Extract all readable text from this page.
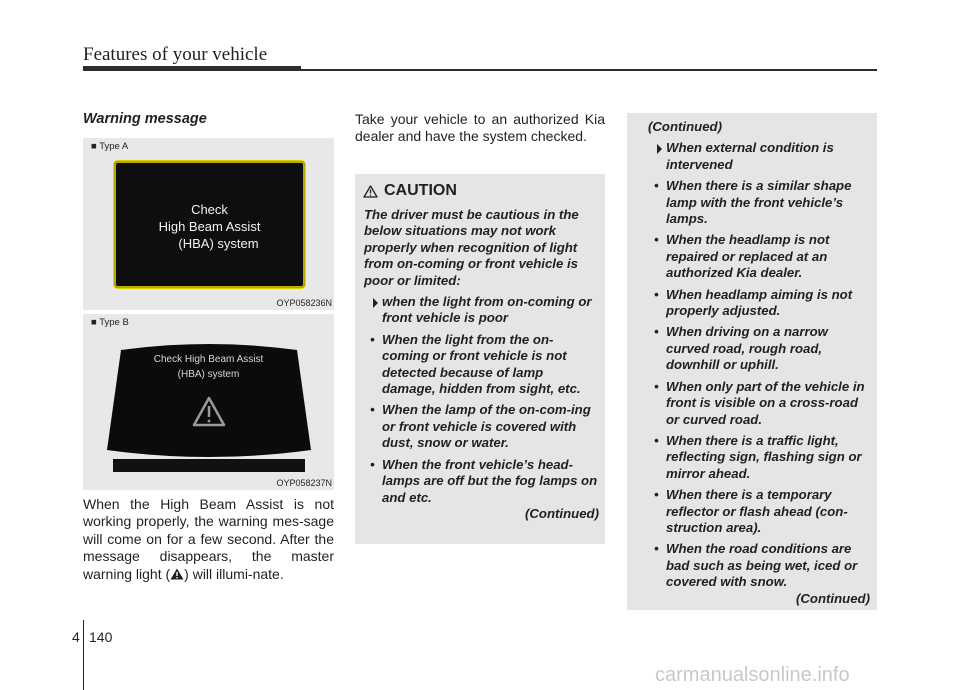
Features of your vehicle
Warning message
■ Type A
Check
High Beam Assist
(HBA) system
OYP058236N
■ Type B
Check High Beam Assist
(HBA) system
OYP058237N
When the High Beam Assist is not working properly, the warning mes-sage will come on for a few second. After the message disappears, the master warning light ( ) will illumi-nate.
Take your vehicle to an authorized Kia dealer and have the system checked.
CAUTION

The driver must be cautious in the below situations may not work properly when recognition of light from on-coming or front vehicle is poor or limited:

when the light from on-coming or front vehicle is poor
• When the light from the on-coming or front vehicle is not detected because of lamp damage, hidden from sight, etc.
• When the lamp of the on-com-ing or front vehicle is covered with dust, snow or water.
• When the front vehicle’s head-lamps are off but the fog lamps on and etc.

(Continued)

(Continued)

When external condition is intervened
• When there is a similar shape lamp with the front vehicle’s lamps.
• When the headlamp is not repaired or replaced at an authorized Kia dealer.
• When headlamp aiming is not properly adjusted.
• When driving on a narrow curved road, rough road, downhill or uphill.
• When only part of the vehicle in front is visible on a cross-road or curved road.
• When there is a traffic light, reflecting sign, flashing sign or mirror ahead.
• When there is a temporary reflector or flash ahead (con-struction area).
• When the road conditions are bad such as being wet, iced or covered with snow.

(Continued)

4 140
carmanualsonline.info
